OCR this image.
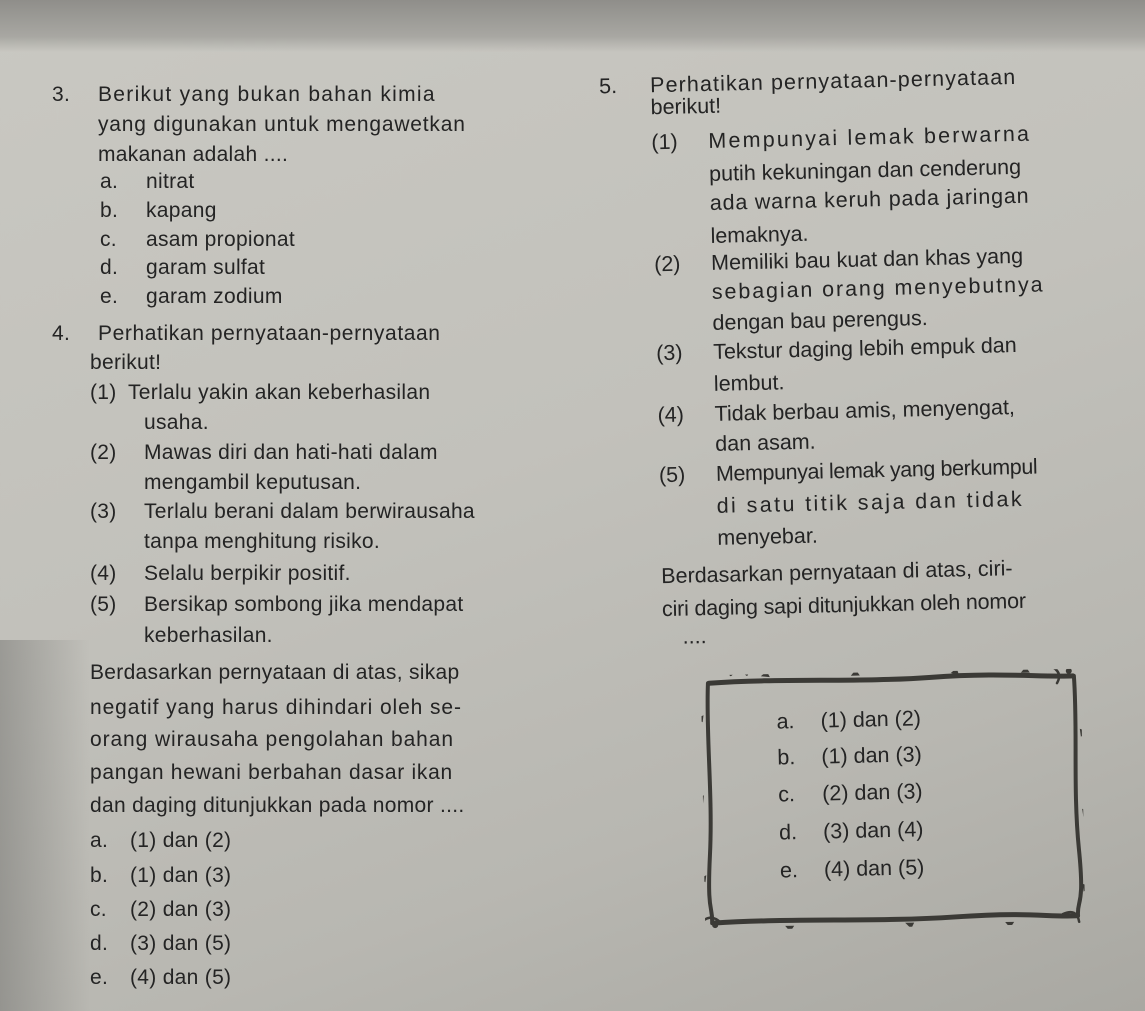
3. Berikut yang bukan bahan kimia
yang digunakan untuk mengawetkan
makanan adalah ....
a. nitrat
b. kapang
c. asam propionat
d. garam sulfat
e. garam zodium
4. Perhatikan pernyataan-pernyataan
berikut!
(1) Terlalu yakin akan keberhasilan
usaha.
(2) Mawas diri dan hati-hati dalam
mengambil keputusan.
(3) Terlalu berani dalam berwirausaha
tanpa menghitung risiko.
(4) Selalu berpikir positif.
(5) Bersikap sombong jika mendapat
keberhasilan.
Berdasarkan pernyataan di atas, sikap
negatif yang harus dihindari oleh se-
orang wirausaha pengolahan bahan
pangan hewani berbahan dasar ikan
dan daging ditunjukkan pada nomor ....
a. (1) dan (2)
b. (1) dan (3)
c. (2) dan (3)
d. (3) dan (5)
e. (4) dan (5)
5. Perhatikan pernyataan-pernyataan
berikut!
(1) Mempunyai lemak berwarna
putih kekuningan dan cenderung
ada warna keruh pada jaringan
lemaknya.
(2) Memiliki bau kuat dan khas yang
sebagian orang menyebutnya
dengan bau perengus.
(3) Tekstur daging lebih empuk dan
lembut.
(4) Tidak berbau amis, menyengat,
dan asam.
(5) Mempunyai lemak yang berkumpul
di satu titik saja dan tidak
menyebar.
Berdasarkan pernyataan di atas, ciri-
ciri daging sapi ditunjukkan oleh nomor
....
a. (1) dan (2)
b. (1) dan (3)
c. (2) dan (3)
d. (3) dan (4)
e. (4) dan (5)
